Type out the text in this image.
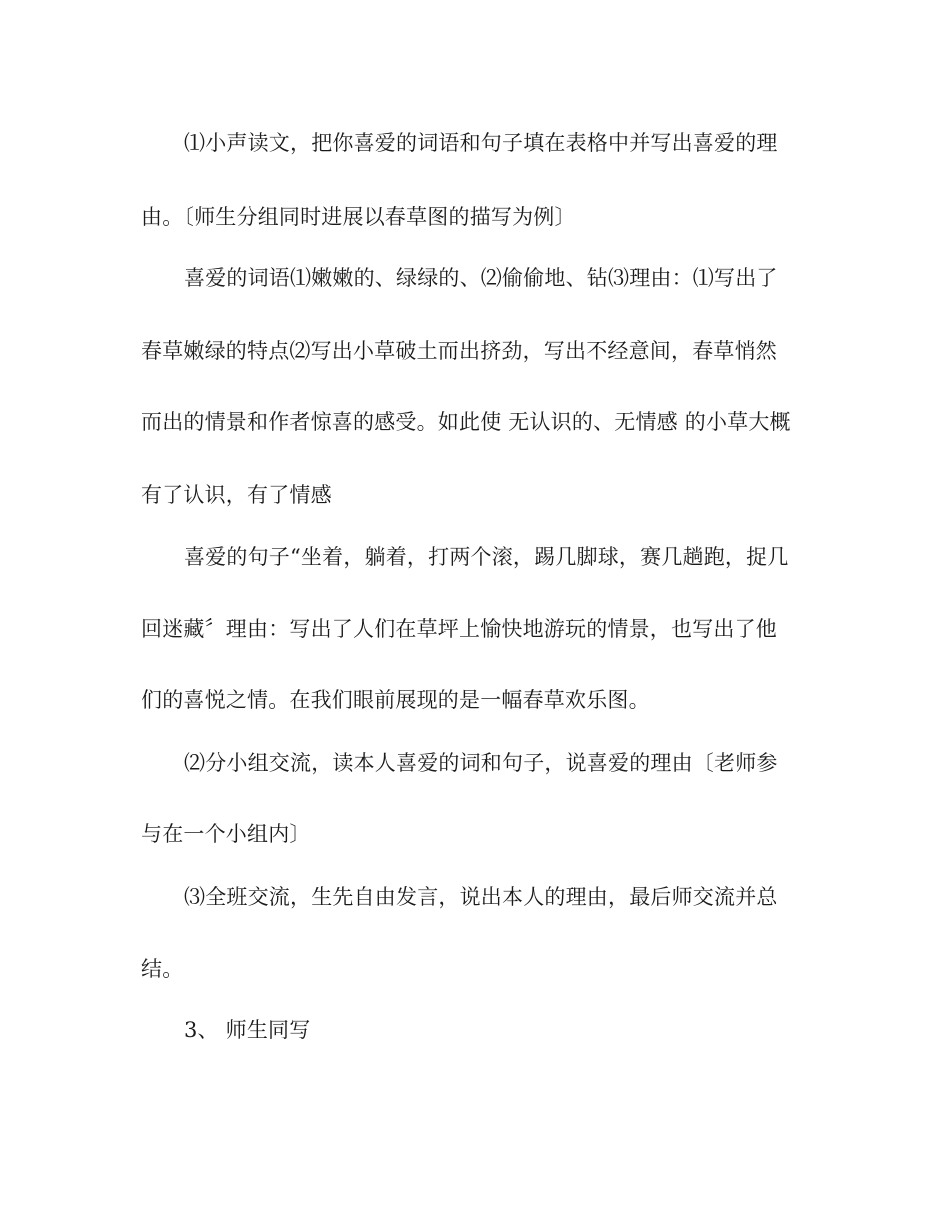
⑴小声读文，把你喜爱的词语和句子填在表格中并写出喜爱的理
由。〔师生分组同时进展以春草图的描写为例〕
喜爱的词语⑴嫩嫩的、绿绿的、⑵偷偷地、钻⑶理由：⑴写出了
春草嫩绿的特点⑵写出小草破土而出挤劲，写出不经意间，春草悄然
而出的情景和作者惊喜的感受。如此使 无认识的、无情感 的小草大概
有了认识，有了情感
喜爱的句子“坐着，躺着，打两个滚，踢几脚球，赛几趟跑，捉几
回迷藏〞理由：写出了人们在草坪上愉快地游玩的情景，也写出了他
们的喜悦之情。在我们眼前展现的是一幅春草欢乐图。
⑵分小组交流，读本人喜爱的词和句子，说喜爱的理由〔老师参
与在一个小组内〕
⑶全班交流，生先自由发言，说出本人的理由，最后师交流并总
结。
3、 师生同写
